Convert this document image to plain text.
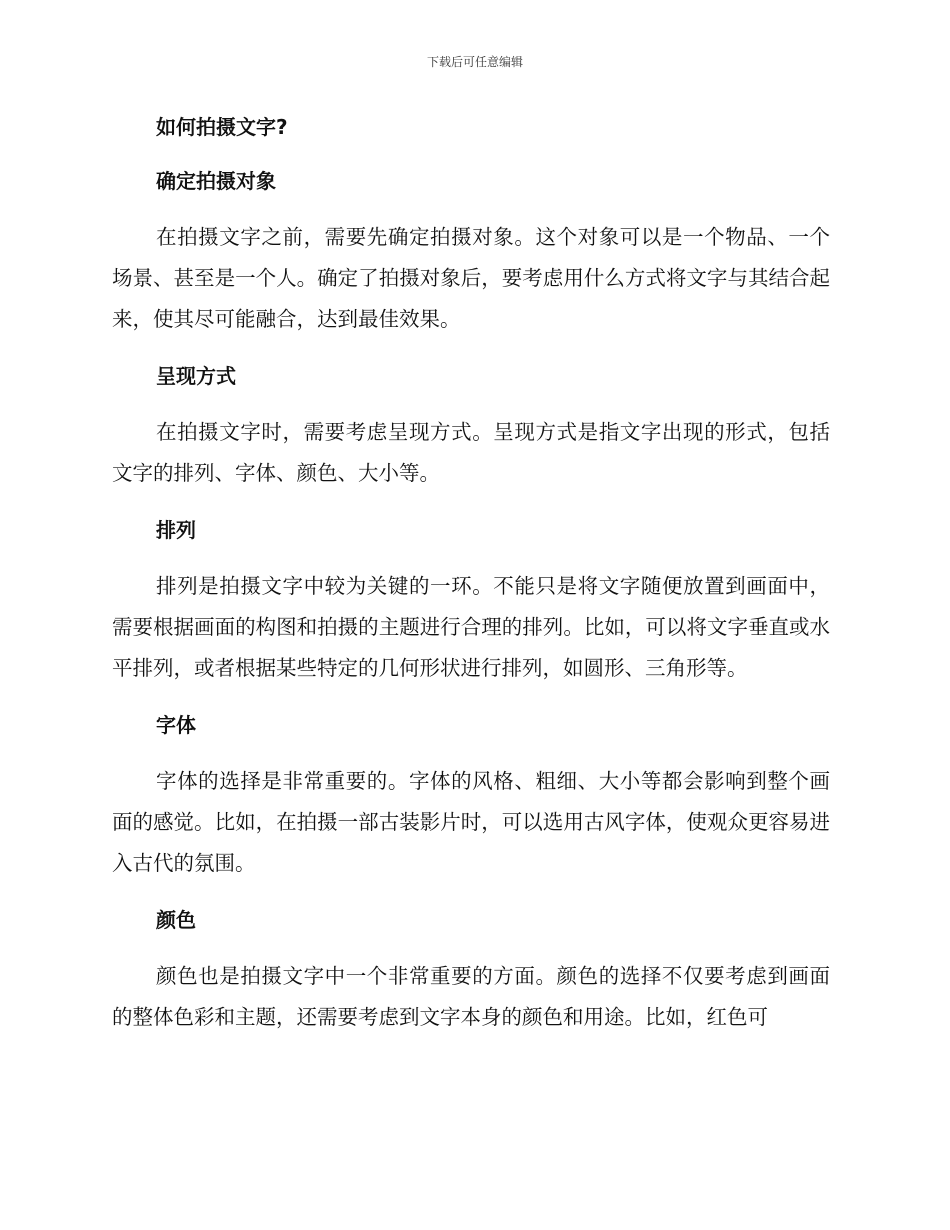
下载后可任意编辑
如何拍摄文字?
确定拍摄对象

在拍摄文字之前，需要先确定拍摄对象。这个对象可以是一个物品、一个场景、甚至是一个人。确定了拍摄对象后，要考虑用什么方式将文字与其结合起来，使其尽可能融合，达到最佳效果。

呈现方式

在拍摄文字时，需要考虑呈现方式。呈现方式是指文字出现的形式，包括文字的排列、字体、颜色、大小等。

排列

排列是拍摄文字中较为关键的一环。不能只是将文字随便放置到画面中，需要根据画面的构图和拍摄的主题进行合理的排列。比如，可以将文字垂直或水平排列，或者根据某些特定的几何形状进行排列，如圆形、三角形等。

字体

字体的选择是非常重要的。字体的风格、粗细、大小等都会影响到整个画面的感觉。比如，在拍摄一部古装影片时，可以选用古风字体，使观众更容易进入古代的氛围。

颜色

颜色也是拍摄文字中一个非常重要的方面。颜色的选择不仅要考虑到画面的整体色彩和主题，还需要考虑到文字本身的颜色和用途。比如，红色可
